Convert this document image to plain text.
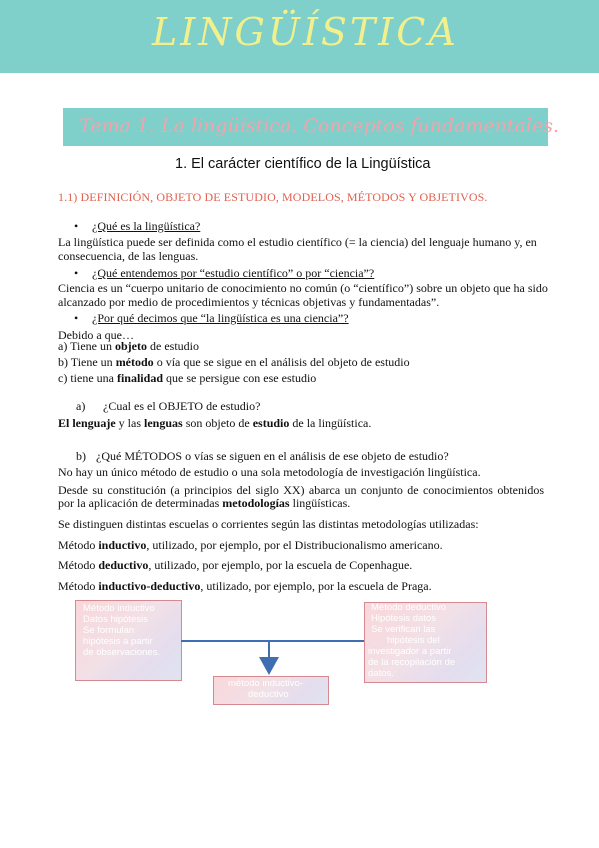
LINGÜÍSTICA
Tema 1. La lingüística. Conceptos fundamentales.
1. El carácter científico de la Lingüística
1.1) DEFINICIÓN, OBJETO DE ESTUDIO, MODELOS, MÉTODOS Y OBJETIVOS.
• ¿Qué es la lingüística?
La lingüística puede ser definida como el estudio científico (= la ciencia) del lenguaje humano y, en consecuencia, de las lenguas.
• ¿Qué entendemos por “estudio científico” o por “ciencia”?
Ciencia es un “cuerpo unitario de conocimiento no común (o “científico”) sobre un objeto que ha sido alcanzado por medio de procedimientos y técnicas objetivas y fundamentadas”.
• ¿Por qué decimos que “la lingüística es una ciencia”?
Debido a que…
a) Tiene un objeto de estudio
b) Tiene un método o vía que se sigue en el análisis del objeto de estudio
c) tiene una finalidad que se persigue con ese estudio
a) ¿Cual es el OBJETO de estudio?
El lenguaje y las lenguas son objeto de estudio de la lingüística.
b) ¿Qué MÉTODOS o vías se siguen en el análisis de ese objeto de estudio?
No hay un único método de estudio o una sola metodología de investigación lingüística.
Desde su constitución (a principios del siglo XX) abarca un conjunto de conocimientos obtenidos por la aplicación de determinadas metodologías lingüísticas.
Se distinguen distintas escuelas o corrientes según las distintas metodologías utilizadas:
Método inductivo, utilizado, por ejemplo, por el Distribucionalismo americano.
Método deductivo, utilizado, por ejemplo, por la escuela de Copenhague.
Método inductivo-deductivo, utilizado, por ejemplo, por la escuela de Praga.
Método inductivo
Datos hipótesis
Se formulan
hipótesis a partir
de observaciones.
Método deductivo
Hipótesis datos
Se verifican las
hipótesis del
investigador a partir
de la recopilación de
datos.
método inductivo-
deductivo
